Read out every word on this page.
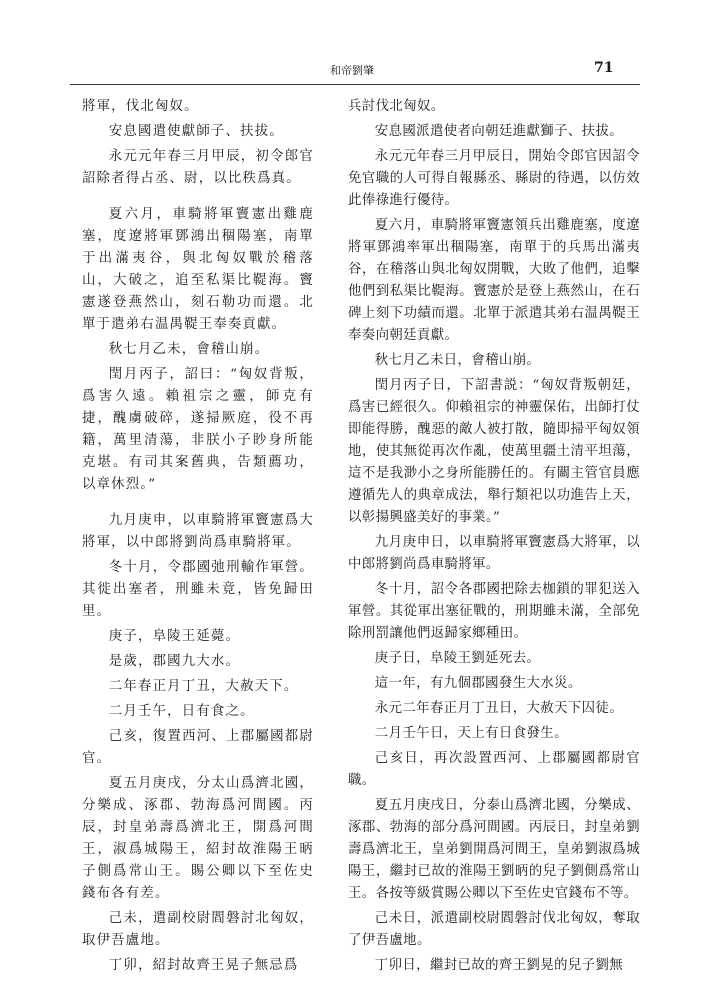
和帝劉肇	71

將軍，伐北匈奴。

安息國遣使獻師子、扶拔。

永元元年春三月甲辰，初令郎官詔除者得占丞、尉，以比秩爲真。

夏六月，車騎將軍竇憲出雞鹿塞，度遼將軍鄧鴻出稒陽塞，南單于出滿夷谷，與北匈奴戰於稽落山，大破之，追至私渠比鞮海。竇憲遂登燕然山，刻石勒功而還。北單于遣弟右温禺鞮王奉奏貢獻。

秋七月乙未，會稽山崩。

閏月丙子，詔曰：“匈奴背叛，爲害久遠。賴祖宗之靈，師克有捷，醜虜破碎，遂掃厥庭，役不再籍，萬里清蕩，非朕小子眇身所能克堪。有司其案舊典，告類薦功，以章休烈。”

九月庚申，以車騎將軍竇憲爲大將軍，以中郎將劉尚爲車騎將軍。

冬十月，令郡國弛刑輸作軍營。其徙出塞者，刑雖未竟，皆免歸田里。

庚子，阜陵王延薨。

是歲，郡國九大水。

二年春正月丁丑，大赦天下。

二月壬午，日有食之。

己亥，復置西河、上郡屬國都尉官。

夏五月庚戌，分太山爲濟北國，分樂成、涿郡、勃海爲河間國。丙辰，封皇弟壽爲濟北王，開爲河間王，淑爲城陽王，紹封故淮陽王昞子側爲常山王。賜公卿以下至佐史錢布各有差。

己未，遣副校尉閻磐討北匈奴，取伊吾盧地。

丁卯，紹封故齊王晃子無忌爲

兵討伐北匈奴。

安息國派遣使者向朝廷進獻獅子、扶拔。

永元元年春三月甲辰日，開始令郎官因詔令免官職的人可得自報縣丞、縣尉的待遇，以仿效此俸祿進行優待。

夏六月，車騎將軍竇憲領兵出雞鹿塞，度遼將軍鄧鴻率軍出稒陽塞，南單于的兵馬出滿夷谷，在稽落山與北匈奴開戰，大敗了他們，追擊他們到私渠比鞮海。竇憲於是登上燕然山，在石碑上刻下功績而還。北單于派遣其弟右温禺鞮王奉奏向朝廷貢獻。

秋七月乙未日，會稽山崩。

閏月丙子日，下詔書説：“匈奴背叛朝廷，爲害已經很久。仰賴祖宗的神靈保佑，出師打仗即能得勝，醜惡的敵人被打散，隨即掃平匈奴領地，使其無從再次作亂，使萬里疆土清平坦蕩，這不是我渺小之身所能勝任的。有關主管官員應遵循先人的典章成法，舉行類祀以功進告上天，以彰揚興盛美好的事業。”

九月庚申日，以車騎將軍竇憲爲大將軍，以中郎將劉尚爲車騎將軍。

冬十月，詔令各郡國把除去枷鎖的罪犯送入軍營。其從軍出塞征戰的，刑期雖未滿，全部免除刑罰讓他們返歸家鄉種田。

庚子日，阜陵王劉延死去。

這一年，有九個郡國發生大水災。

永元二年春正月丁丑日，大赦天下囚徒。

二月壬午日，天上有日食發生。

己亥日，再次設置西河、上郡屬國都尉官職。

夏五月庚戌日，分泰山爲濟北國，分樂成、涿郡、勃海的部分爲河間國。丙辰日，封皇弟劉壽爲濟北王，皇弟劉開爲河間王，皇弟劉淑爲城陽王，繼封已故的淮陽王劉昞的兒子劉側爲常山王。各按等級賞賜公卿以下至佐史官錢布不等。

己未日，派遣副校尉閻磐討伐北匈奴，奪取了伊吾盧地。

丁卯日，繼封已故的齊王劉晃的兒子劉無
